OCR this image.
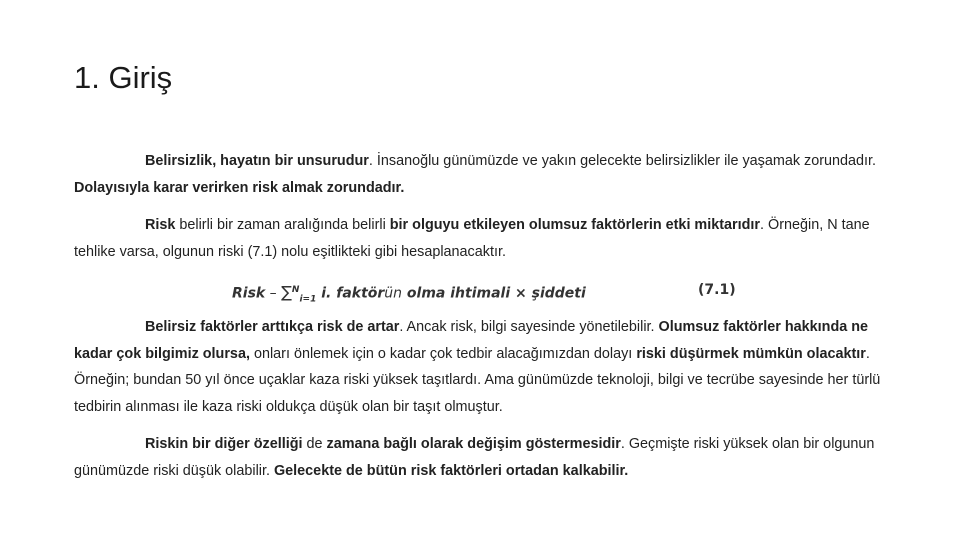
1. Giriş

Belirsizlik, hayatın bir unsurudur. İnsanoğlu günümüzde ve yakın gelecekte belirsizlikler ile yaşamak zorundadır. Dolayısıyla karar verirken risk almak zorundadır.

Risk belirli bir zaman aralığında belirli bir olguyu etkileyen olumsuz faktörlerin etki miktarıdır. Örneğin, N tane tehlike varsa, olgunun riski (7.1) nolu eşitlikteki gibi hesaplanacaktır.

Risk – ∑$^N_{i=1}$ i. faktörün olma ihtimali × şiddeti	(7.1)

Belirsiz faktörler arttıkça risk de artar. Ancak risk, bilgi sayesinde yönetilebilir. Olumsuz faktörler hakkında ne kadar çok bilgimiz olursa, onları önlemek için o kadar çok tedbir alacağımızdan dolayı riski düşürmek mümkün olacaktır. Örneğin; bundan 50 yıl önce uçaklar kaza riski yüksek taşıtlardı. Ama günümüzde teknoloji, bilgi ve tecrübe sayesinde her türlü tedbirin alınması ile kaza riski oldukça düşük olan bir taşıt olmuştur.

Riskin bir diğer özelliği de zamana bağlı olarak değişim göstermesidir. Geçmişte riski yüksek olan bir olgunun günümüzde riski düşük olabilir. Gelecekte de bütün risk faktörleri ortadan kalkabilir.
